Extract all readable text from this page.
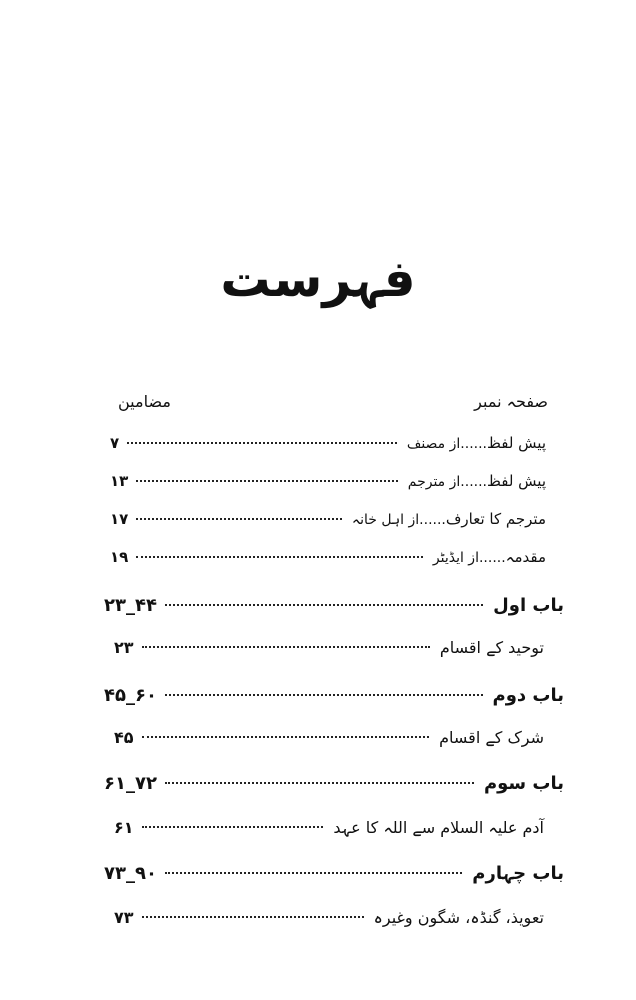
فہرست
مضامین	صفحہ نمبر
پیش لفظ......از مصنف
۷
پیش لفظ......از مترجم
۱۳
مترجم کا تعارف......از اہل خانہ
۱۷
مقدمہ......از ایڈیٹر
۱۹
باب اول
۲۳_۴۴
توحید کے اقسام
۲۳
باب دوم
۴۵_۶۰
شرک کے اقسام
۴۵
باب سوم
۶۱_۷۲
آدم علیہ السلام سے اللہ کا عہد
۶۱
باب چہارم
۷۳_۹۰
تعویذ، گنڈہ، شگون وغیرہ
۷۳
